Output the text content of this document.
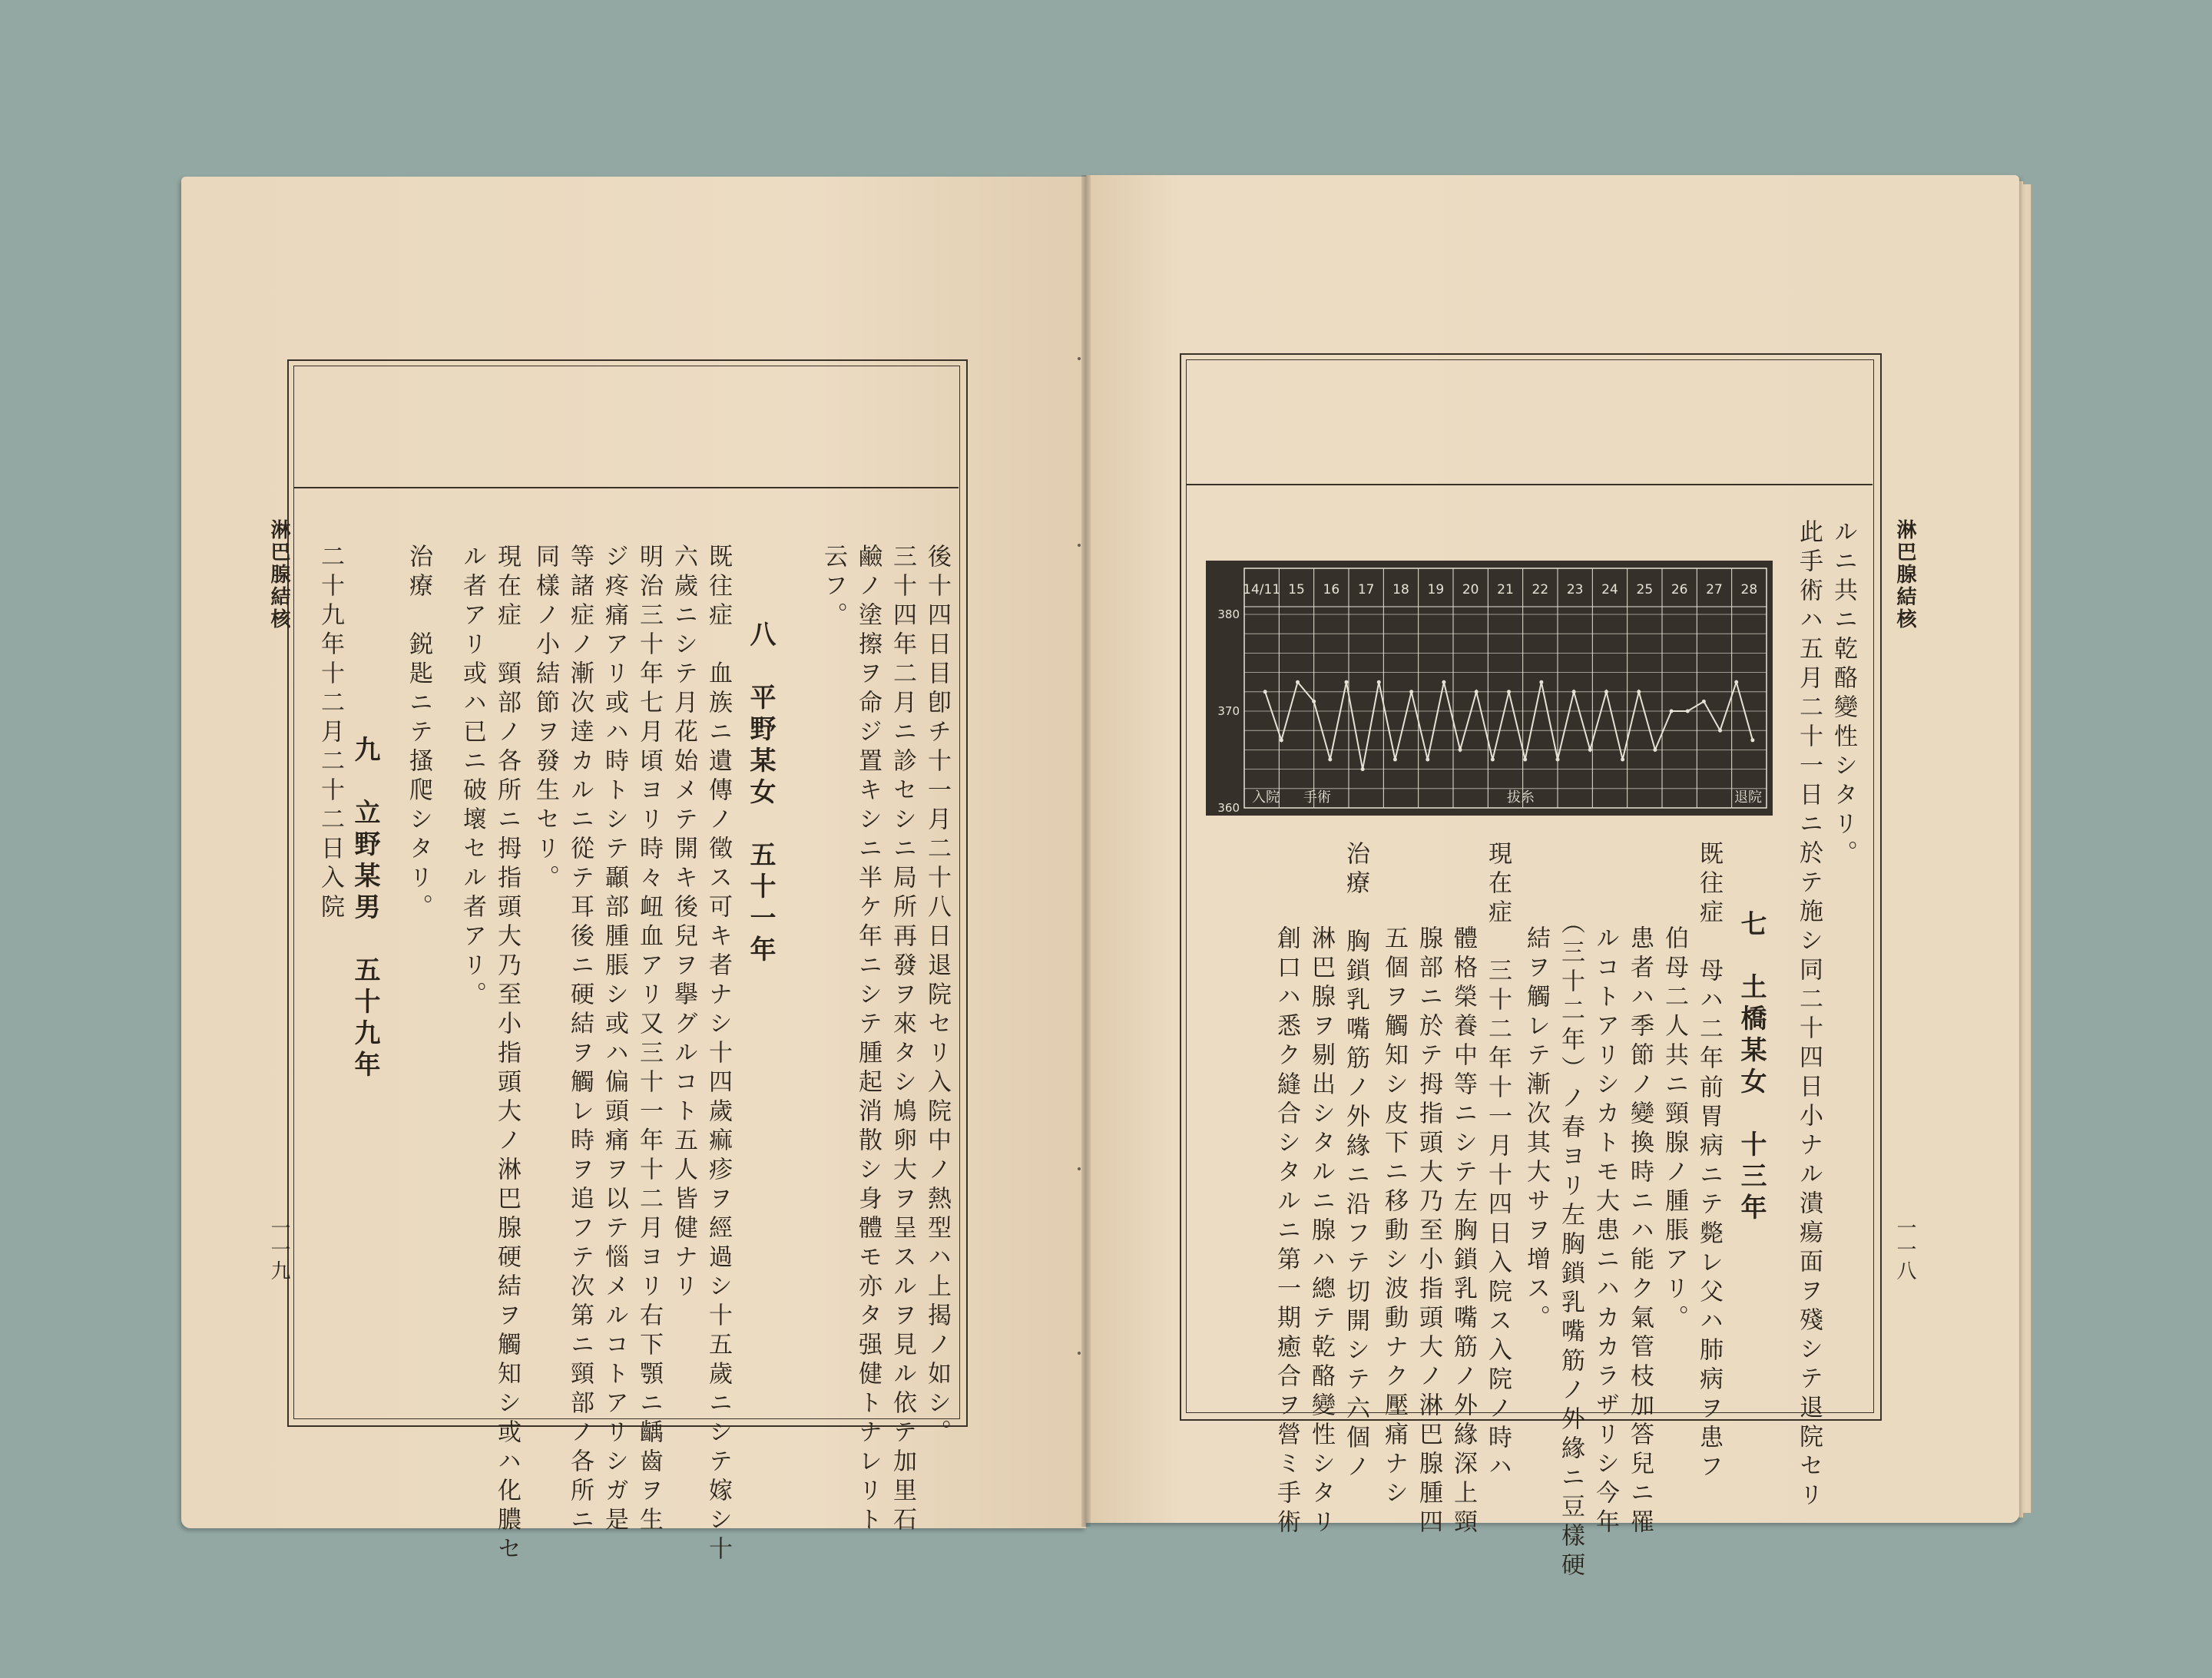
淋巴腺結核
一一九	後十四日目卽チ十一月二十八日退院セリ入院中ノ熱型ハ上揭ノ如シ。
三十四年二月ニ診セシニ局所再發ヲ來タシ鳩卵大ヲ呈スルヲ見ル依テ加里石
鹼ノ塗擦ヲ命ジ置キシニ半ケ年ニシテ腫起消散シ身體モ亦タ强健トナレリト
云フ。
八　平野某女　五十一年
既往症　血族ニ遺傳ノ徵ス可キ者ナシ十四歲痲疹ヲ經過シ十五歲ニシテ嫁シ十
六歲ニシテ月花始メテ開キ後兒ヲ擧グルコト五人皆健ナリ
明治三十年七月頃ヨリ時々衄血アリ又三十一年十二月ヨリ右下顎ニ齲齒ヲ生
ジ疼痛アリ或ハ時トシテ顳部腫脹シ或ハ偏頭痛ヲ以テ惱メルコトアリシガ是
等諸症ノ漸次逹カルニ從テ耳後ニ硬結ヲ觸レ時ヲ追フテ次第ニ頸部ノ各所ニ
同樣ノ小結節ヲ發生セリ。
現在症　頸部ノ各所ニ拇指頭大乃至小指頭大ノ淋巴腺硬結ヲ觸知シ或ハ化膿セ
ル者アリ或ハ已ニ破壞セル者アリ。
治療　鋭匙ニテ搔爬シタリ。
九　立野某男　五十九年
二十九年十二月二十二日入院	淋巴腺結核
一一八
ルニ共ニ乾酪變性シタリ。
此手術ハ五月二十一日ニ於テ施シ同二十四日小ナル潰瘍面ヲ殘シテ退院セリ
14/11 15 16 17 18 19 20 21 22 23 24 25 26 27 28
380
370
360
入院 手術	拔糸	退院
七　土橋某女　十三年
既往症　母ハ二年前胃病ニテ斃レ父ハ肺病ヲ患フ
伯母二人共ニ頸腺ノ腫脹アリ。
患者ハ季節ノ變換時ニハ能ク氣管枝加答兒ニ罹
ルコトアリシカトモ大患ニハカカラザリシ今年
（三十二年）ノ春ヨリ左胸鎖乳嘴筋ノ外緣ニ豆樣硬
結ヲ觸レテ漸次其大サヲ增ス。
現在症　三十二年十一月十四日入院ス入院ノ時ハ
體格榮養中等ニシテ左胸鎖乳嘴筋ノ外緣深上頸
腺部ニ於テ拇指頭大乃至小指頭大ノ淋巴腺腫四
五個ヲ觸知シ皮下ニ移動シ波動ナク壓痛ナシ
治療　胸鎖乳嘴筋ノ外緣ニ沿フテ切開シテ六個ノ
淋巴腺ヲ剔出シタルニ腺ハ總テ乾酪變性シタリ
創口ハ悉ク縫合シタルニ第一期癒合ヲ營ミ手術
